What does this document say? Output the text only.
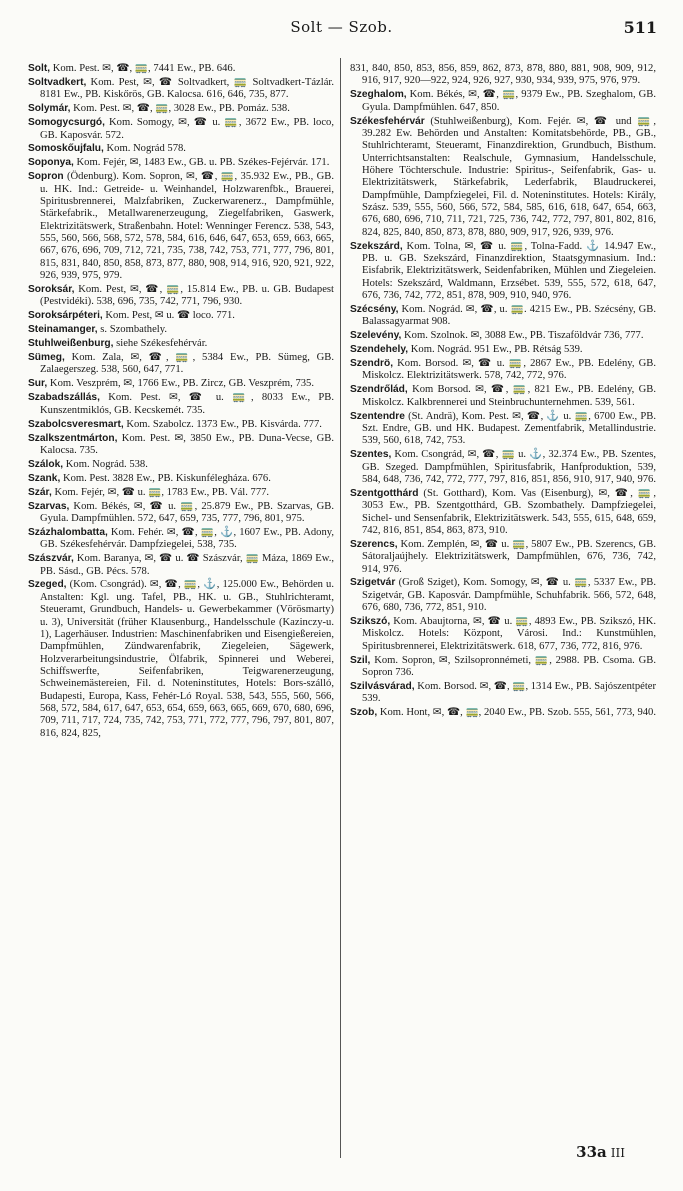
Solt — Szob.	511
Solt, Kom. Pest. ✉, ☎, 🚃, 7441 Ew., PB. 646.
Soltvadkert, Kom. Pest, ✉, ☎ Soltvadkert, 🚃 Soltvadkert-Tázlár. 8181 Ew., PB. Kiskőrös, GB. Kalocsa. 616, 646, 735, 877.
Solymár, Kom. Pest. ✉, ☎, 🚃, 3028 Ew., PB. Pomáz. 538.
Somogycsurgó, Kom. Somogy, ✉, ☎ u. 🚃, 3672 Ew., PB. loco, GB. Kaposvár. 572.
Somoskőujfalu, Kom. Nográd 578.
Soponya, Kom. Fejér, ✉, 1483 Ew., GB. u. PB. Székes-Fejérvár. 171.
Sopron (Ödenburg). Kom. Sopron, ✉, ☎, 🚃, 35.932 Ew., PB., GB. u. HK. Ind.: Getreide- u. Weinhandel, Holzwarenfbk., Brauerei, Spiritusbrennerei, Malzfabriken, Zuckerwarenerz., Dampfmühle, Stärkefabrik., Metallwarenerzeugung, Ziegelfabriken, Gaswerk, Elektrizitätswerk, Straßenbahn. Hotel: Wenninger Ferencz. 538, 543, 555, 560, 566, 568, 572, 578, 584, 616, 646, 647, 653, 659, 663, 665, 667, 676, 696, 709, 712, 721, 735, 738, 742, 753, 771, 777, 796, 801, 815, 831, 840, 850, 858, 873, 877, 880, 908, 914, 916, 920, 921, 922, 926, 939, 975, 979.
Soroksár, Kom. Pest, ✉, ☎, 🚃, 15.814 Ew., PB. u. GB. Budapest (Pestvidéki). 538, 696, 735, 742, 771, 796, 930.
Soroksárpéteri, Kom. Pest, ✉ u. ☎ loco. 771.
Steinamanger, s. Szombathely.
Stuhlweißenburg, siehe Székesfehérvár.
Sümeg, Kom. Zala, ✉, ☎, 🚃, 5384 Ew., PB. Sümeg, GB. Zalaegerszeg. 538, 560, 647, 771.
Sur, Kom. Veszprém, ✉, 1766 Ew., PB. Zircz, GB. Veszprém, 735.
Szabadszállás, Kom. Pest. ✉, ☎ u. 🚃, 8033 Ew., PB. Kunszentmiklós, GB. Kecskemét. 735.
Szabolcsveresmart, Kom. Szabolcz. 1373 Ew., PB. Kisvárda. 777.
Szalkszentmárton, Kom. Pest. ✉, 3850 Ew., PB. Duna-Vecse, GB. Kalocsa. 735.
Szálok, Kom. Nográd. 538.
Szank, Kom. Pest. 3828 Ew., PB. Kiskunfélegháza. 676.
Szár, Kom. Fejér, ✉, ☎ u. 🚃, 1783 Ew., PB. Vál. 777.
Szarvas, Kom. Békés, ✉, ☎ u. 🚃, 25.879 Ew., PB. Szarvas, GB. Gyula. Dampfmühlen. 572, 647, 659, 735, 777, 796, 801, 975.
Százhalombatta, Kom. Fehér. ✉, ☎, 🚃, ⚓, 1607 Ew., PB. Adony, GB. Székesfehérvár. Dampfziegelei, 538, 735.
Szászvár, Kom. Baranya, ✉, ☎ u. ☎ Szászvár, 🚃 Máza, 1869 Ew., PB. Sásd., GB. Pécs. 578.
Szeged, (Kom. Csongrád). ✉, ☎, 🚃, ⚓, 125.000 Ew., Behörden u. Anstalten: Kgl. ung. Tafel, PB., HK. u. GB., Stuhlrichteramt, Steueramt, Grundbuch, Handels- u. Gewerbekammer (Vörösmarty) u. 3), Universität (früher Klausenburg., Handelsschule (Kazinczy-u. 1), Lagerhäuser. Industrien: Maschinenfabriken und Eisengießereien, Dampfmühlen, Zündwarenfabrik, Ziegeleien, Sägewerk, Holzverarbeitungsindustrie, Ölfabrik, Spinnerei und Weberei, Schiffswerfte, Seifenfabriken, Teigwarenerzeugung, Schweinemästereien, Fil. d. Noteninstitutes, Hotels: Bors-szálló, Budapesti, Europa, Kass, Fehér-Ló Royal. 538, 543, 555, 560, 566, 568, 572, 584, 617, 647, 653, 654, 659, 663, 665, 669, 670, 680, 696, 709, 711, 717, 724, 735, 742, 753, 771, 772, 777, 796, 797, 801, 807, 816, 824, 825,
831, 840, 850, 853, 856, 859, 862, 873, 878, 880, 881, 908, 909, 912, 916, 917, 920—922, 924, 926, 927, 930, 934, 939, 975, 976, 979.
Szeghalom, Kom. Békés, ✉, ☎, 🚃, 9379 Ew., PB. Szeghalom, GB. Gyula. Dampfmühlen. 647, 850.
Székesfehérvár (Stuhlweißenburg), Kom. Fejér. ✉, ☎ und 🚃, 39.282 Ew. Behörden und Anstalten: Komitatsbehörde, PB., GB., Stuhlrichteramt, Steueramt, Finanzdirektion, Grundbuch, Bisthum. Unterrichtsanstalten: Realschule, Gymnasium, Handelsschule, Höhere Töchterschule. Industrie: Spiritus-, Seifenfabrik, Gas- u. Elektrizitätswerk, Stärkefabrik, Lederfabrik, Blaudruckerei, Dampfmühle, Dampfziegelei, Fil. d. Noteninstitutes. Hotels: Király, Szász. 539, 555, 560, 566, 572, 584, 585, 616, 618, 647, 654, 663, 676, 680, 696, 710, 711, 721, 725, 736, 742, 772, 797, 801, 802, 816, 824, 825, 840, 850, 873, 878, 880, 909, 917, 926, 939, 976.
Szekszárd, Kom. Tolna, ✉, ☎ u. 🚃, Tolna-Fadd. ⚓ 14.947 Ew., PB. u. GB. Szekszárd, Finanzdirektion, Staatsgymnasium. Ind.: Eisfabrik, Elektrizitätswerk, Seidenfabriken, Mühlen und Ziegeleien. Hotels: Szekszárd, Waldmann, Erzsébet. 539, 555, 572, 618, 647, 676, 736, 742, 772, 851, 878, 909, 910, 940, 976.
Szécsény, Kom. Nográd. ✉, ☎, u. 🚃. 4215 Ew., PB. Szécsény, GB. Balassagyarmat 908.
Szelevény, Kom. Szolnok. ✉, 3088 Ew., PB. Tiszaföldvár 736, 777.
Szendehely, Kom. Nográd. 951 Ew., PB. Rétság 539.
Szendrö, Kom. Borsod. ✉, ☎ u. 🚃, 2867 Ew., PB. Edelény, GB. Miskolcz. Elektrizitätswerk. 578, 742, 772, 976.
Szendrőlád, Kom Borsod. ✉, ☎, 🚃, 821 Ew., PB. Edelény, GB. Miskolcz. Kalkbrennerei und Steinbruchunternehmen. 539, 561.
Szentendre (St. Andrä), Kom. Pest. ✉, ☎, ⚓ u. 🚃, 6700 Ew., PB. Szt. Endre, GB. und HK. Budapest. Zementfabrik, Metallindustrie. 539, 560, 618, 742, 753.
Szentes, Kom. Csongrád, ✉, ☎, 🚃 u. ⚓, 32.374 Ew., PB. Szentes, GB. Szeged. Dampfmühlen, Spiritusfabrik, Hanfproduktion, 539, 584, 648, 736, 742, 772, 777, 797, 816, 851, 856, 910, 917, 940, 976.
Szentgotthárd (St. Gotthard), Kom. Vas (Eisenburg), ✉, ☎, 🚃, 3053 Ew., PB. Szentgotthárd, GB. Szombathely. Dampfziegelei, Sichel- und Sensenfabrik, Elektrizitätswerk. 543, 555, 615, 648, 659, 742, 816, 851, 854, 863, 873, 910.
Szerencs, Kom. Zemplén, ✉, ☎ u. 🚃, 5807 Ew., PB. Szerencs, GB. Sátoraljaújhely. Elektrizitätswerk, Dampfmühlen, 676, 736, 742, 914, 976.
Szigetvár (Groß Sziget), Kom. Somogy, ✉, ☎ u. 🚃, 5337 Ew., PB. Szigetvár, GB. Kaposvár. Dampfmühle, Schuhfabrik. 566, 572, 648, 676, 680, 736, 772, 851, 910.
Szikszó, Kom. Abaujtorna, ✉, ☎ u. 🚃, 4893 Ew., PB. Szikszó, HK. Miskolcz. Hotels: Központ, Városi. Ind.: Kunstmühlen, Spiritusbrennerei, Elektrizitätswerk. 618, 677, 736, 772, 816, 976.
Szil, Kom. Sopron, ✉, Szilsopronnémeti, 🚃, 2988. PB. Csoma. GB. Sopron 736.
Szilvásvárad, Kom. Borsod. ✉, ☎, 🚃, 1314 Ew., PB. Sajószentpéter 539.
Szob, Kom. Hont, ✉, ☎, 🚃, 2040 Ew., PB. Szob. 555, 561, 773, 940.
33a III
